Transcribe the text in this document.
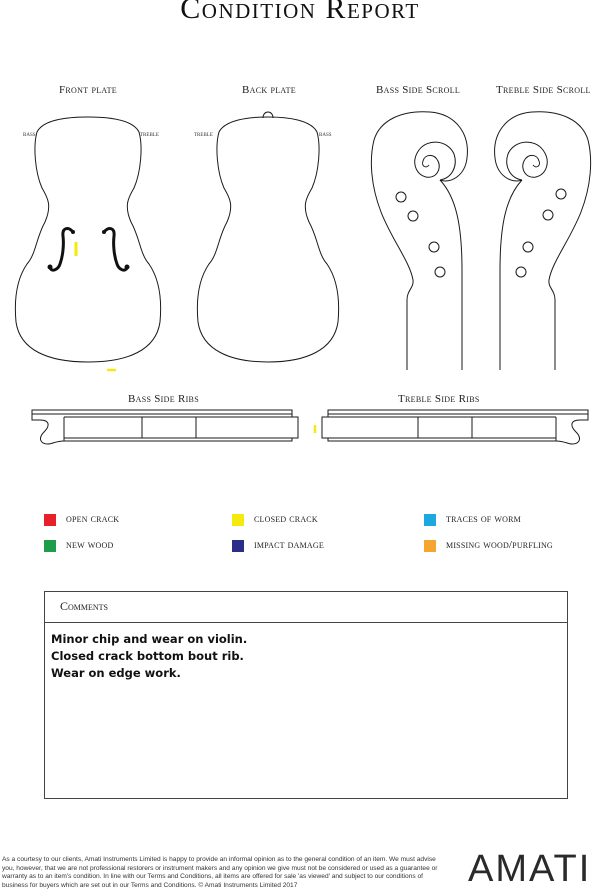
Condition Report
Front plate	Back plate	Bass Side Scroll	Treble Side Scroll
Bass Side Ribs	Treble Side Ribs
bass	treble	treble	bass
open crack	closed crack	traces of worm
new wood	impact damage	missing wood/purfling
Comments
Minor chip and wear on violin.
Closed crack bottom bout rib.
Wear on edge work.
As a courtesy to our clients, Amati Instruments Limited is happy to provide an informal opinion as to the general condition of an item. We must advise you, however, that we are not professional restorers or instrument makers and any opinion we give must not be considered or used as a guarantee or warranty as to an item's condition. In line with our Terms and Conditions, all items are offered for sale 'as viewed' and subject to our conditions of business for buyers which are set out in our Terms and Conditions. © Amati Instruments Limited 2017	AMATI
